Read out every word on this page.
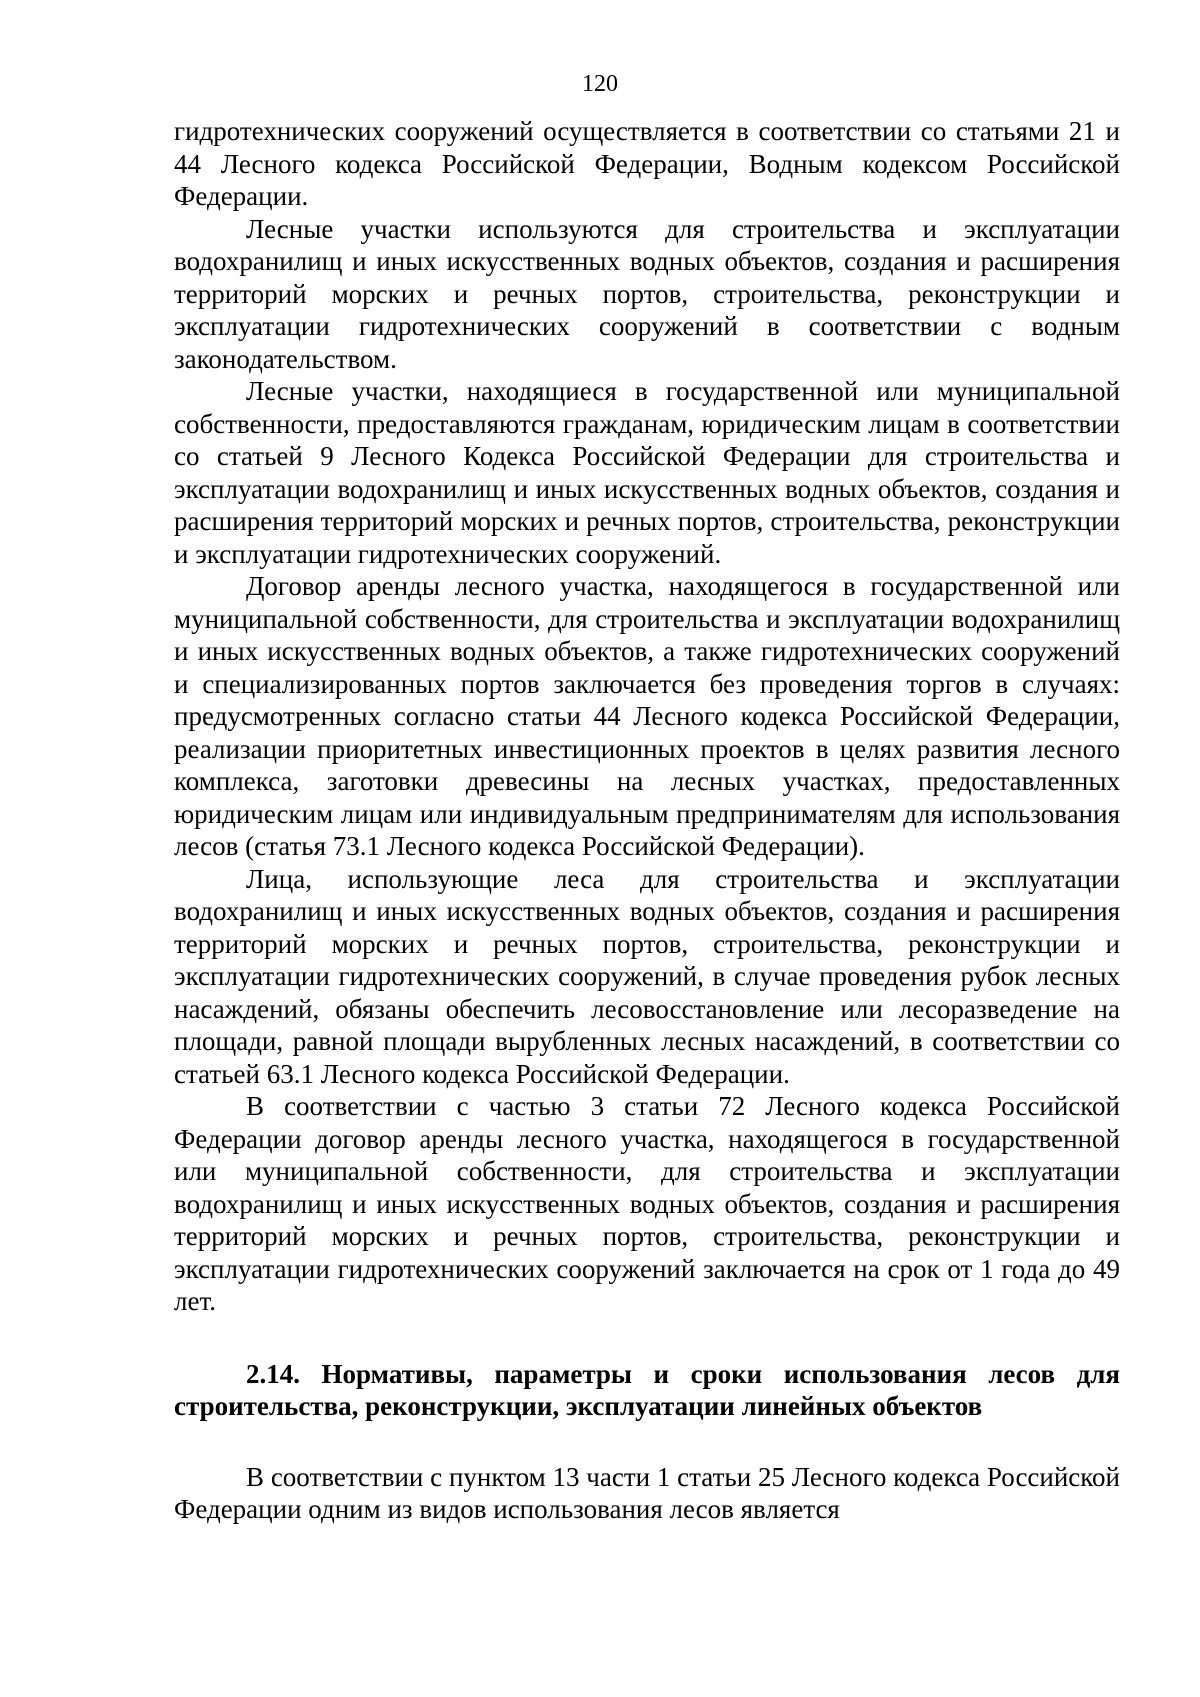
120

гидротехнических сооружений осуществляется в соответствии со статьями 21 и 44 Лесного кодекса Российской Федерации, Водным кодексом Российской Федерации.

Лесные участки используются для строительства и эксплуатации водохранилищ и иных искусственных водных объектов, создания и расширения территорий морских и речных портов, строительства, реконструкции и эксплуатации гидротехнических сооружений в соответствии с водным законодательством.

Лесные участки, находящиеся в государственной или муниципальной собственности, предоставляются гражданам, юридическим лицам в соответствии со статьей 9 Лесного Кодекса Российской Федерации для строительства и эксплуатации водохранилищ и иных искусственных водных объектов, создания и расширения территорий морских и речных портов, строительства, реконструкции и эксплуатации гидротехнических сооружений.

Договор аренды лесного участка, находящегося в государственной или муниципальной собственности, для строительства и эксплуатации водохранилищ и иных искусственных водных объектов, а также гидротехнических сооружений и специализированных портов заключается без проведения торгов в случаях: предусмотренных согласно статьи 44 Лесного кодекса Российской Федерации, реализации приоритетных инвестиционных проектов в целях развития лесного комплекса, заготовки древесины на лесных участках, предоставленных юридическим лицам или индивидуальным предпринимателям для использования лесов (статья 73.1 Лесного кодекса Российской Федерации).

Лица, использующие леса для строительства и эксплуатации водохранилищ и иных искусственных водных объектов, создания и расширения территорий морских и речных портов, строительства, реконструкции и эксплуатации гидротехнических сооружений, в случае проведения рубок лесных насаждений, обязаны обеспечить лесовосстановление или лесоразведение на площади, равной площади вырубленных лесных насаждений, в соответствии со статьей 63.1 Лесного кодекса Российской Федерации.

В соответствии с частью 3 статьи 72 Лесного кодекса Российской Федерации договор аренды лесного участка, находящегося в государственной или муниципальной собственности, для строительства и эксплуатации водохранилищ и иных искусственных водных объектов, создания и расширения территорий морских и речных портов, строительства, реконструкции и эксплуатации гидротехнических сооружений заключается на срок от 1 года до 49 лет.

2.14. Нормативы, параметры и сроки использования лесов для строительства, реконструкции, эксплуатации линейных объектов

В соответствии с пунктом 13 части 1 статьи 25 Лесного кодекса Российской Федерации одним из видов использования лесов является
